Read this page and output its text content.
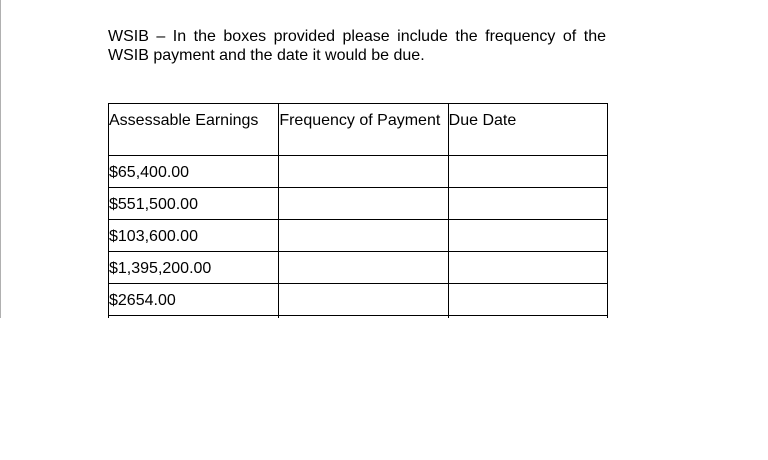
WSIB – In the boxes provided please include the frequency of the WSIB payment and the date it would be due.

Assessable Earnings	Frequency of Payment	Due Date

$65,400.00		

$551,500.00		

$103,600.00		

$1,395,200.00		

$2654.00		
